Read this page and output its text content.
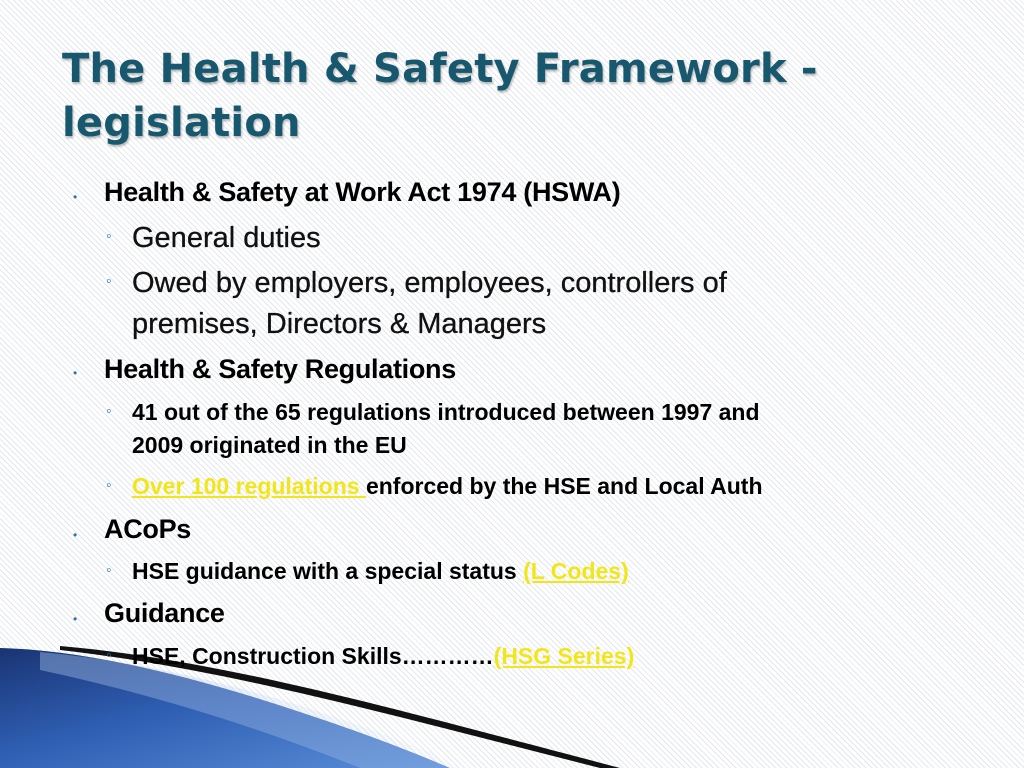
The Health & Safety Framework -
legislation
• Health & Safety at Work Act 1974 (HSWA)
◦ General duties
◦ Owed by employers, employees, controllers of
premises, Directors & Managers
• Health & Safety Regulations
◦ 41 out of the 65 regulations introduced between 1997 and
2009 originated in the EU
◦ Over 100 regulations enforced by the HSE and Local Auth
• ACoPs
◦ HSE guidance with a special status (L Codes)
• Guidance
◦ HSE, Construction Skills…………(HSG Series)
